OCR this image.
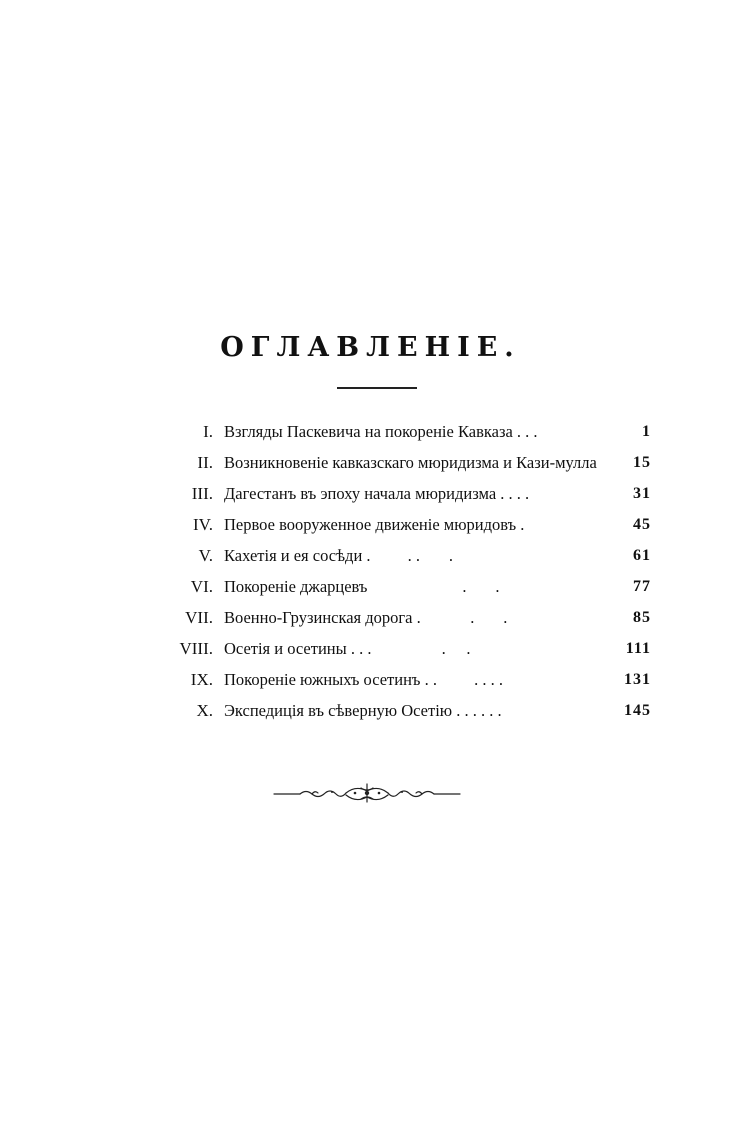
ОГЛАВЛЕНІЕ.
I. Взгляды Паскевича на покореніе Кавказа . . .	1
II. Возникновеніе кавказскаго мюридизма и Кази-мулла 15
III. Дагестанъ въ эпоху начала мюридизма . . . .	31
IV. Первое вооруженное движеніе мюридовъ .	45
V. Кахетія и ея сосѣди .         . .       .	61
VI. Покореніе джарцевъ                       .       .	77
VII. Военно-Грузинская дорога .            .       .	85
VIII. Осетія и осетины . . .                 .     .	111
IX. Покореніе южныхъ осетинъ . .         . . . .	131
X. Экспедиція въ сѣверную Осетію . . . . . .	145
